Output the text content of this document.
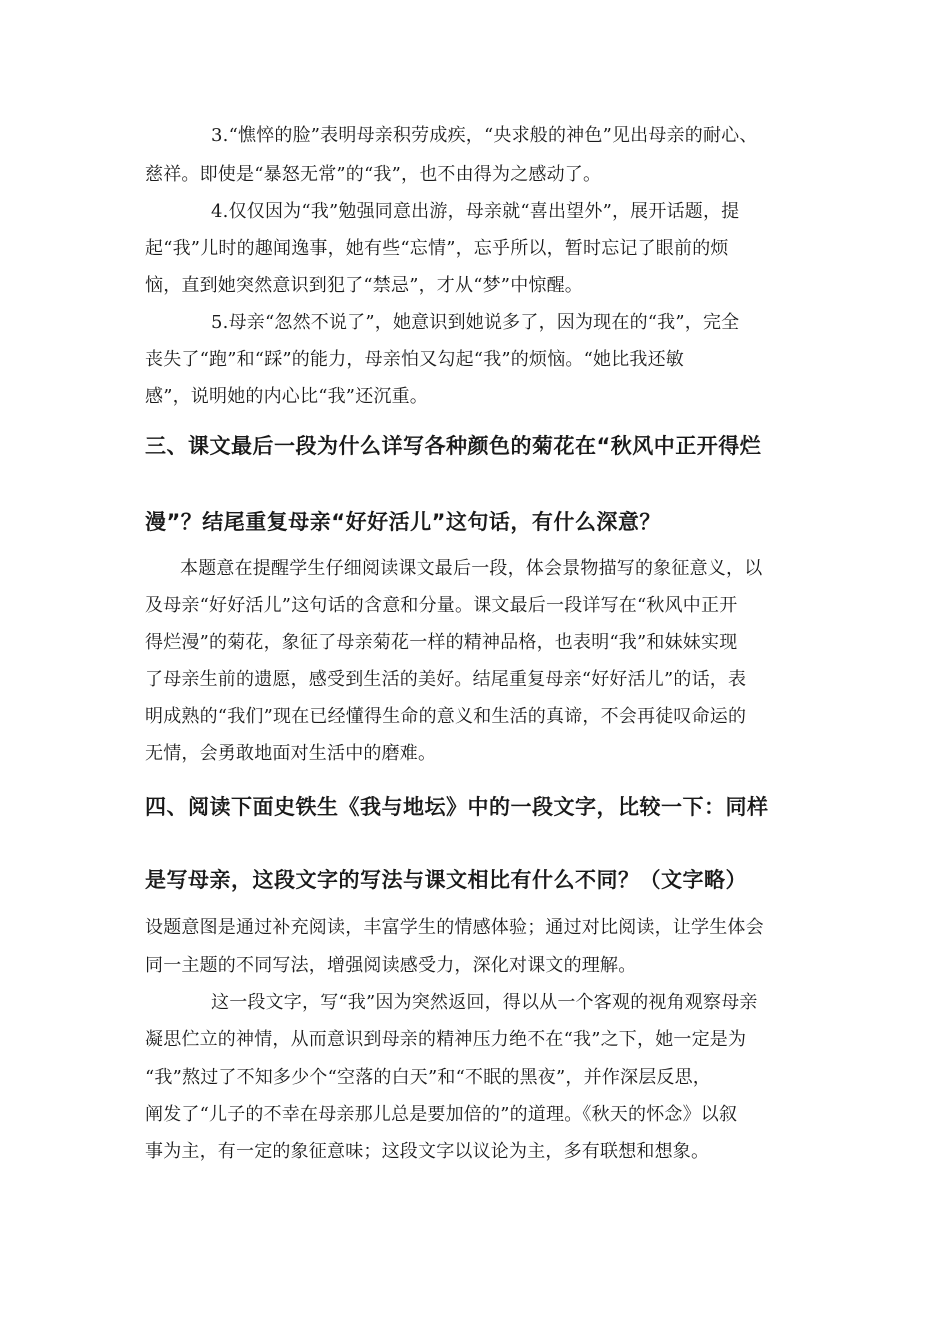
3.“憔悴的脸”表明母亲积劳成疾，“央求般的神色”见出母亲的耐心、
慈祥。即使是“暴怒无常”的“我”，也不由得为之感动了。
4.仅仅因为“我”勉强同意出游，母亲就“喜出望外”，展开话题，提
起“我”儿时的趣闻逸事，她有些“忘情”，忘乎所以，暂时忘记了眼前的烦
恼，直到她突然意识到犯了“禁忌”，才从“梦”中惊醒。
5.母亲“忽然不说了”，她意识到她说多了，因为现在的“我”，完全
丧失了“跑”和“踩”的能力，母亲怕又勾起“我”的烦恼。“她比我还敏
感”，说明她的内心比“我”还沉重。
三、课文最后一段为什么详写各种颜色的菊花在“秋风中正开得烂
漫”？结尾重复母亲“好好活儿”这句话，有什么深意？
本题意在提醒学生仔细阅读课文最后一段，体会景物描写的象征意义，以
及母亲“好好活儿”这句话的含意和分量。课文最后一段详写在“秋风中正开
得烂漫”的菊花，象征了母亲菊花一样的精神品格，也表明“我”和妹妹实现
了母亲生前的遗愿，感受到生活的美好。结尾重复母亲“好好活儿”的话，表
明成熟的“我们”现在已经懂得生命的意义和生活的真谛，不会再徒叹命运的
无情，会勇敢地面对生活中的磨难。
四、阅读下面史铁生《我与地坛》中的一段文字，比较一下：同样
是写母亲，这段文字的写法与课文相比有什么不同？（文字略）
设题意图是通过补充阅读，丰富学生的情感体验；通过对比阅读，让学生体会
同一主题的不同写法，增强阅读感受力，深化对课文的理解。
这一段文字，写“我”因为突然返回，得以从一个客观的视角观察母亲
凝思伫立的神情，从而意识到母亲的精神压力绝不在“我”之下，她一定是为
“我”熬过了不知多少个“空落的白天”和“不眠的黑夜”，并作深层反思，
阐发了“儿子的不幸在母亲那儿总是要加倍的”的道理。《秋天的怀念》以叙
事为主，有一定的象征意味；这段文字以议论为主，多有联想和想象。
